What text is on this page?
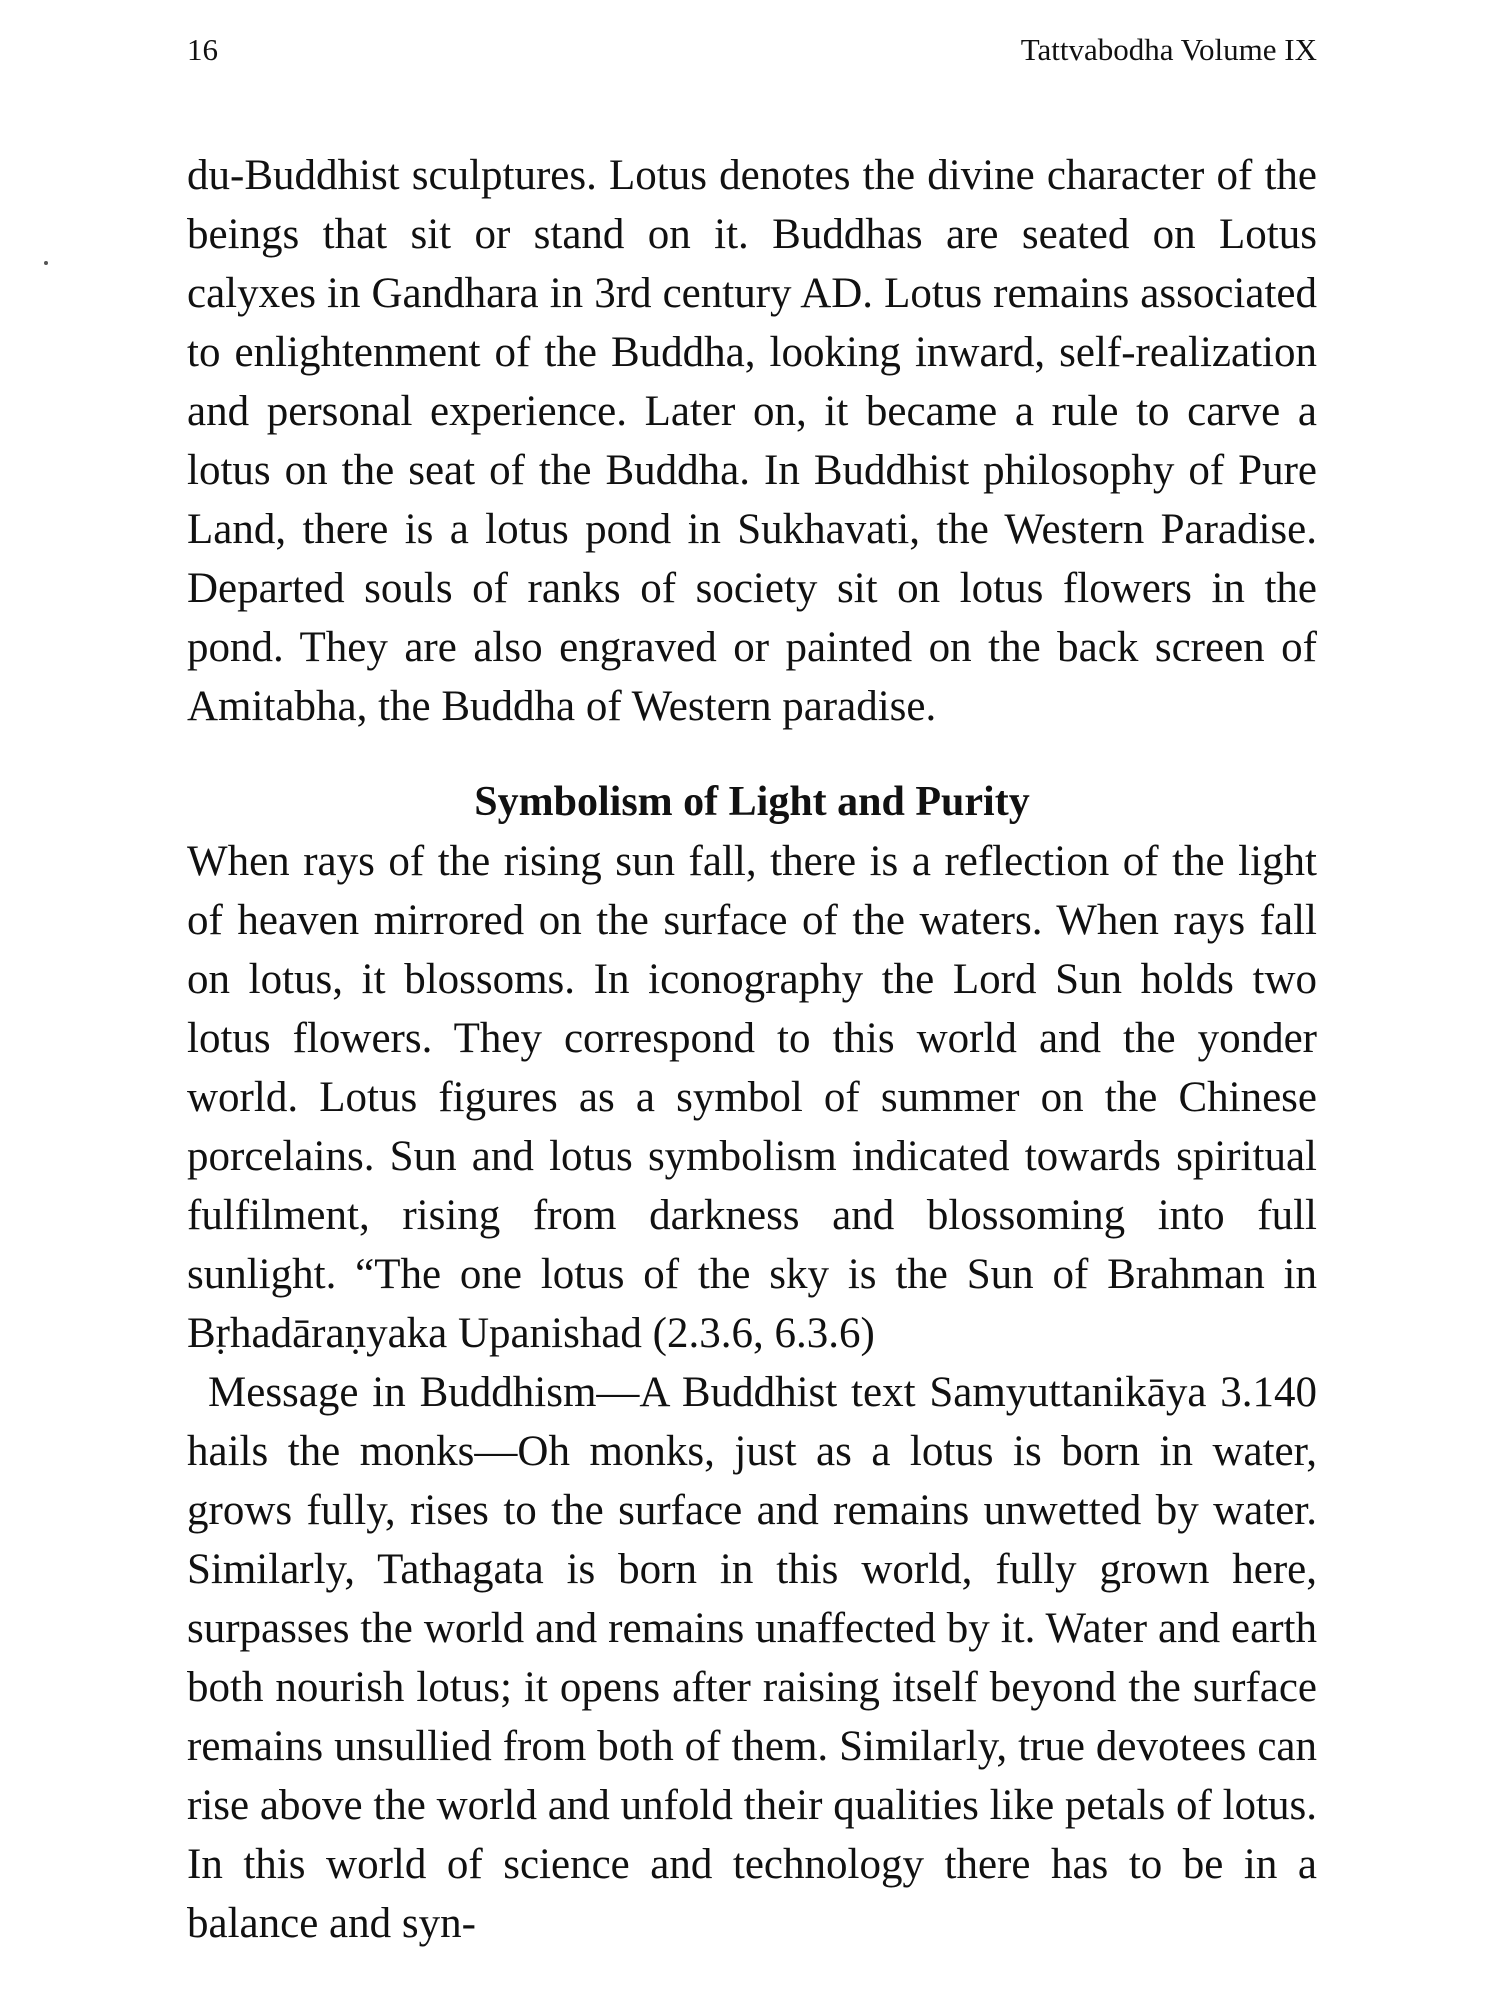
16	Tattvabodha Volume IX

du-Buddhist sculptures. Lotus denotes the divine character of the beings that sit or stand on it. Buddhas are seated on Lotus calyxes in Gandhara in 3rd century AD. Lotus remains associated to enlightenment of the Buddha, looking inward, self-realization and personal experience. Later on, it became a rule to carve a lotus on the seat of the Buddha. In Buddhist philosophy of Pure Land, there is a lotus pond in Sukhavati, the Western Paradise. Departed souls of ranks of society sit on lotus flowers in the pond. They are also engraved or painted on the back screen of Amitabha, the Buddha of Western paradise.

Symbolism of Light and Purity

When rays of the rising sun fall, there is a reflection of the light of heaven mirrored on the surface of the waters. When rays fall on lotus, it blossoms. In iconography the Lord Sun holds two lotus flowers. They correspond to this world and the yonder world. Lotus figures as a symbol of summer on the Chinese porcelains. Sun and lotus symbolism indicated towards spiritual fulfilment, rising from darkness and blossoming into full sunlight. “The one lotus of the sky is the Sun of Brahman in Bṛhadāraṇyaka Upanishad (2.3.6, 6.3.6)

Message in Buddhism—A Buddhist text Samyuttanikāya 3.140 hails the monks—Oh monks, just as a lotus is born in water, grows fully, rises to the surface and remains unwetted by water. Similarly, Tathagata is born in this world, fully grown here, surpasses the world and remains unaffected by it. Water and earth both nourish lotus; it opens after raising itself beyond the surface remains unsullied from both of them. Similarly, true devotees can rise above the world and unfold their qualities like petals of lotus. In this world of science and technology there has to be in a balance and syn-
